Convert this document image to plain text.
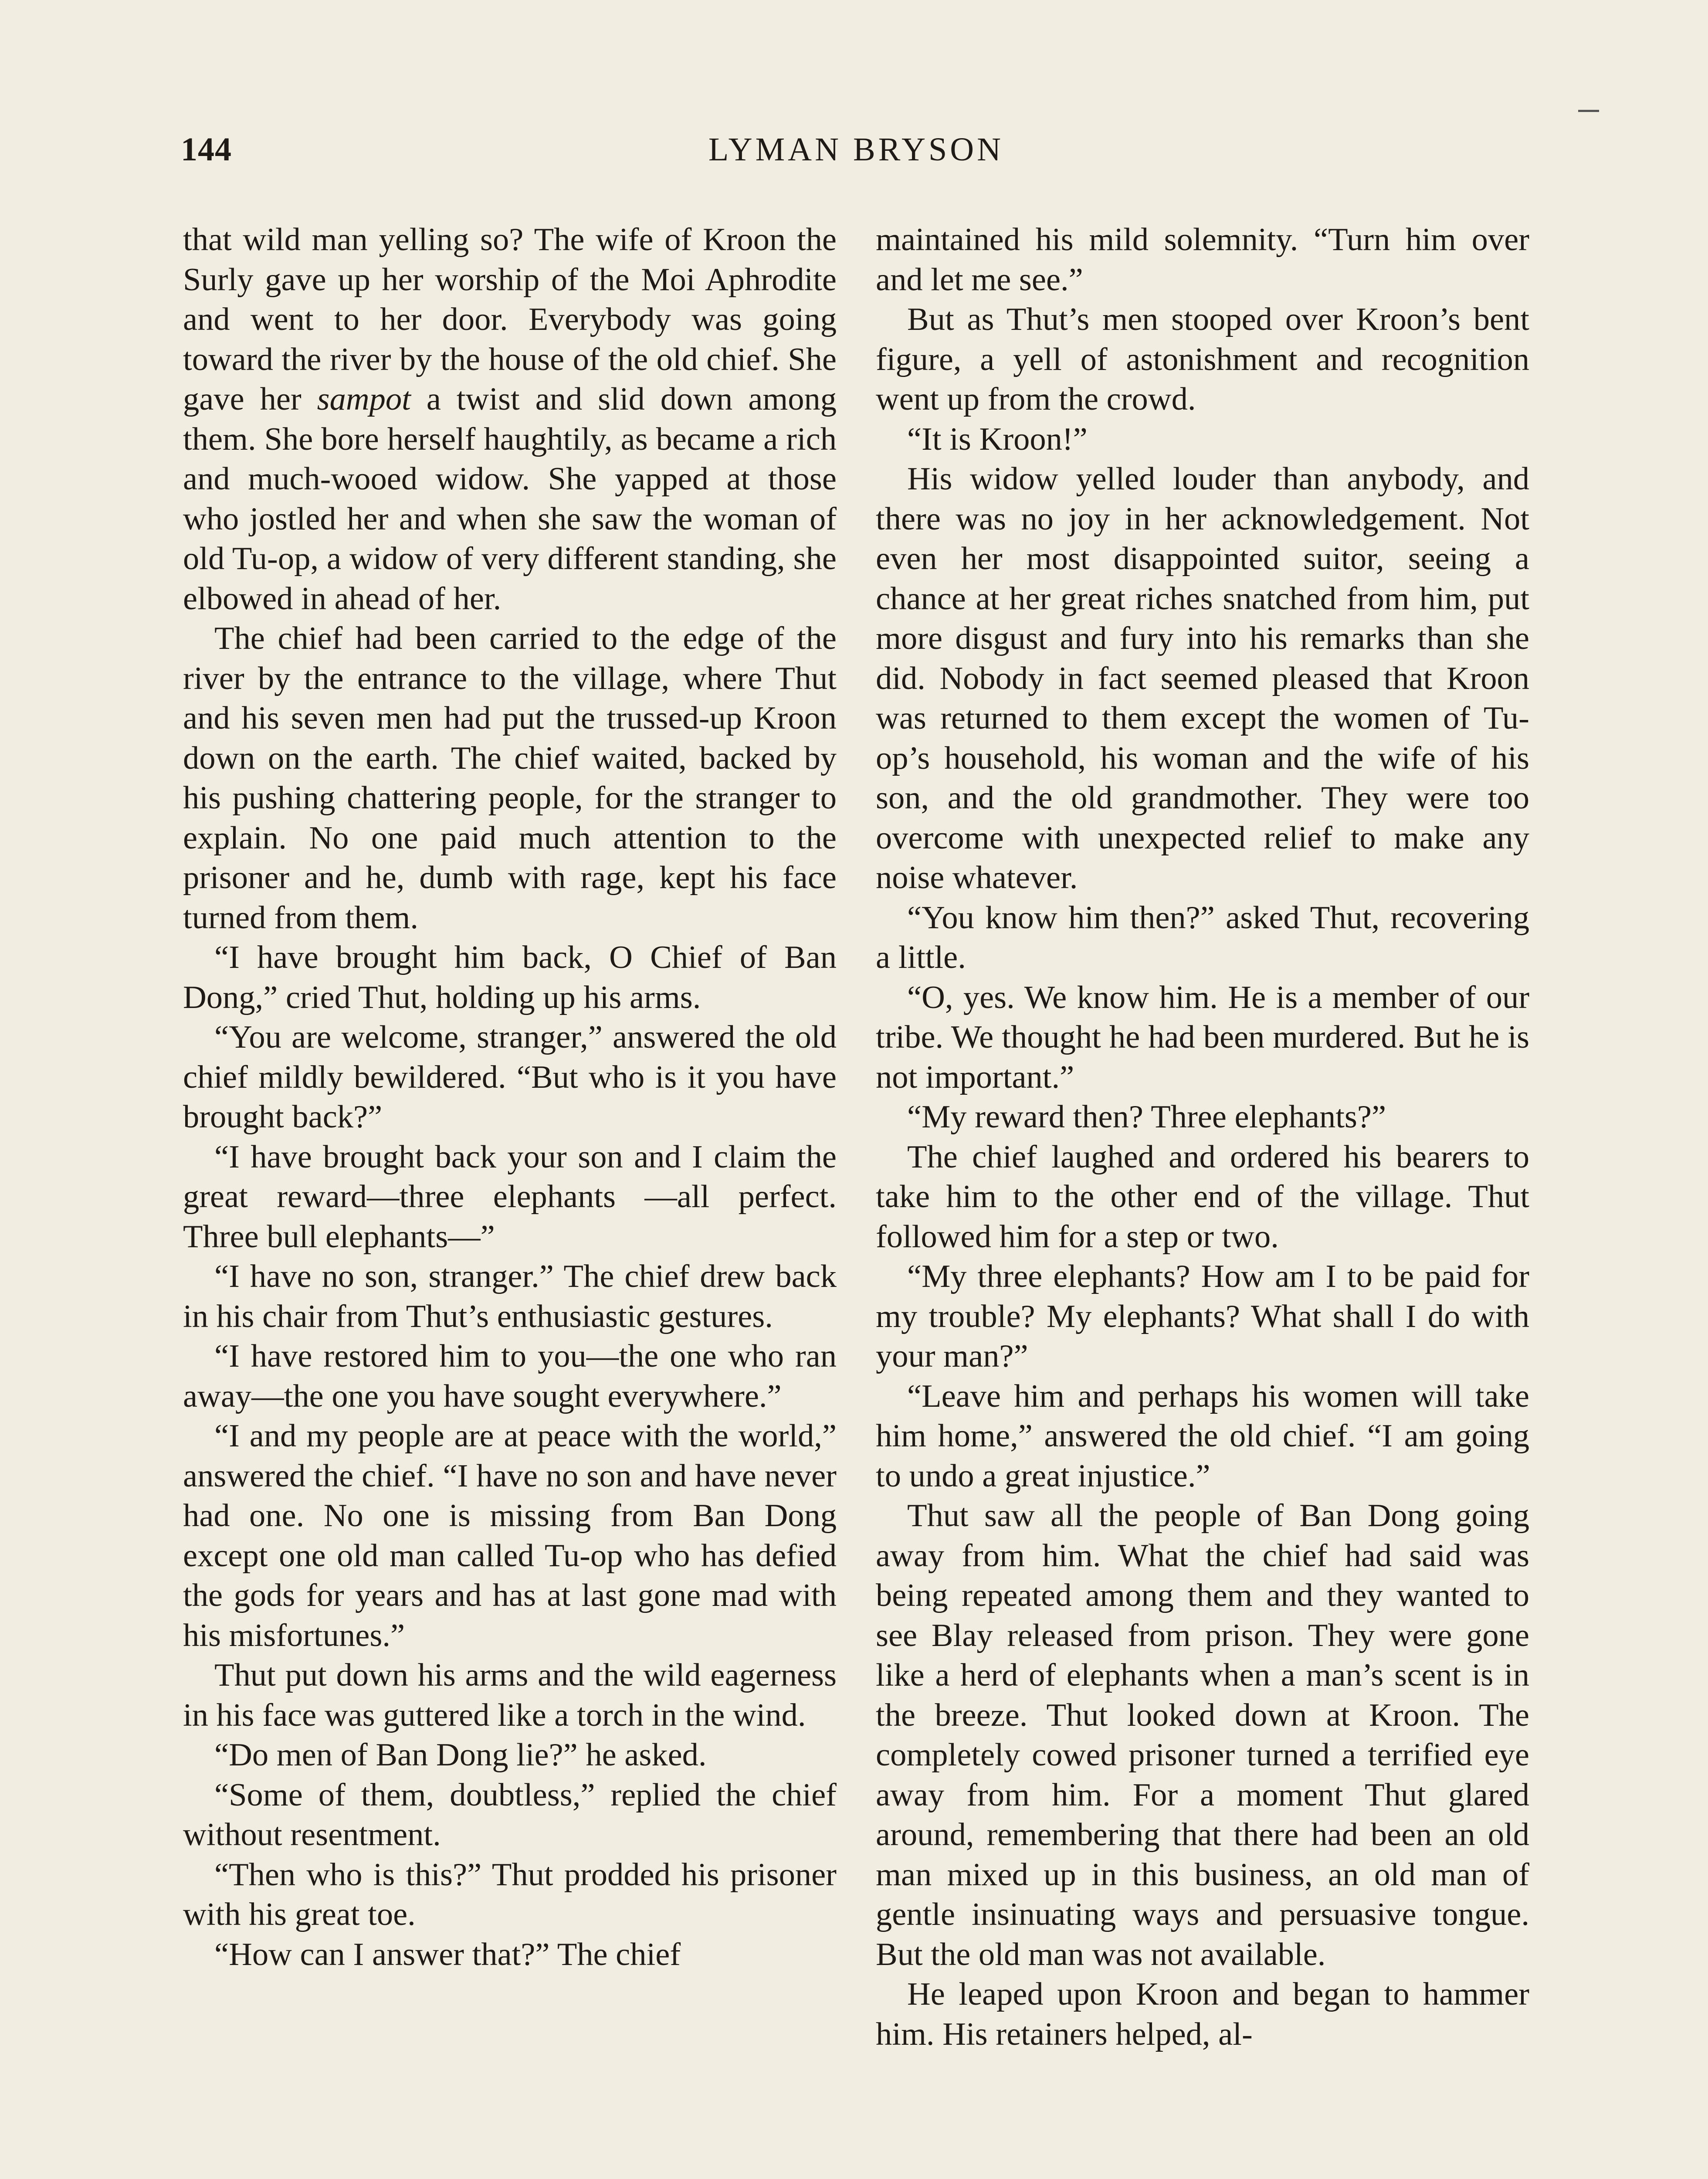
144	LYMAN BRYSON

that wild man yelling so? The wife of Kroon the Surly gave up her worship of the Moi Aphrodite and went to her door. Everybody was going toward the river by the house of the old chief. She gave her sampot a twist and slid down among them. She bore herself haughtily, as became a rich and much-wooed widow. She yapped at those who jostled her and when she saw the woman of old Tu-op, a widow of very different standing, she elbowed in ahead of her.

The chief had been carried to the edge of the river by the entrance to the village, where Thut and his seven men had put the trussed-up Kroon down on the earth. The chief waited, backed by his pushing chattering people, for the stranger to explain. No one paid much attention to the prisoner and he, dumb with rage, kept his face turned from them.

“I have brought him back, O Chief of Ban Dong,” cried Thut, holding up his arms.

“You are welcome, stranger,” answered the old chief mildly bewildered. “But who is it you have brought back?”

“I have brought back your son and I claim the great reward—three elephants —all perfect. Three bull elephants—”

“I have no son, stranger.” The chief drew back in his chair from Thut’s enthusiastic gestures.

“I have restored him to you—the one who ran away—the one you have sought everywhere.”

“I and my people are at peace with the world,” answered the chief. “I have no son and have never had one. No one is missing from Ban Dong except one old man called Tu-op who has defied the gods for years and has at last gone mad with his misfortunes.”

Thut put down his arms and the wild eagerness in his face was guttered like a torch in the wind.

“Do men of Ban Dong lie?” he asked.

“Some of them, doubtless,” replied the chief without resentment.

“Then who is this?” Thut prodded his prisoner with his great toe.

“How can I answer that?” The chief

maintained his mild solemnity. “Turn him over and let me see.”

But as Thut’s men stooped over Kroon’s bent figure, a yell of astonishment and recognition went up from the crowd.

“It is Kroon!”

His widow yelled louder than anybody, and there was no joy in her acknowledgement. Not even her most disappointed suitor, seeing a chance at her great riches snatched from him, put more disgust and fury into his remarks than she did. Nobody in fact seemed pleased that Kroon was returned to them except the women of Tu-op’s household, his woman and the wife of his son, and the old grandmother. They were too overcome with unexpected relief to make any noise whatever.

“You know him then?” asked Thut, recovering a little.

“O, yes. We know him. He is a member of our tribe. We thought he had been murdered. But he is not important.”

“My reward then? Three elephants?”

The chief laughed and ordered his bearers to take him to the other end of the village. Thut followed him for a step or two.

“My three elephants? How am I to be paid for my trouble? My elephants? What shall I do with your man?”

“Leave him and perhaps his women will take him home,” answered the old chief. “I am going to undo a great injustice.”

Thut saw all the people of Ban Dong going away from him. What the chief had said was being repeated among them and they wanted to see Blay released from prison. They were gone like a herd of elephants when a man’s scent is in the breeze. Thut looked down at Kroon. The completely cowed prisoner turned a terrified eye away from him. For a moment Thut glared around, remembering that there had been an old man mixed up in this business, an old man of gentle insinuating ways and persuasive tongue. But the old man was not available.

He leaped upon Kroon and began to hammer him. His retainers helped, al-
